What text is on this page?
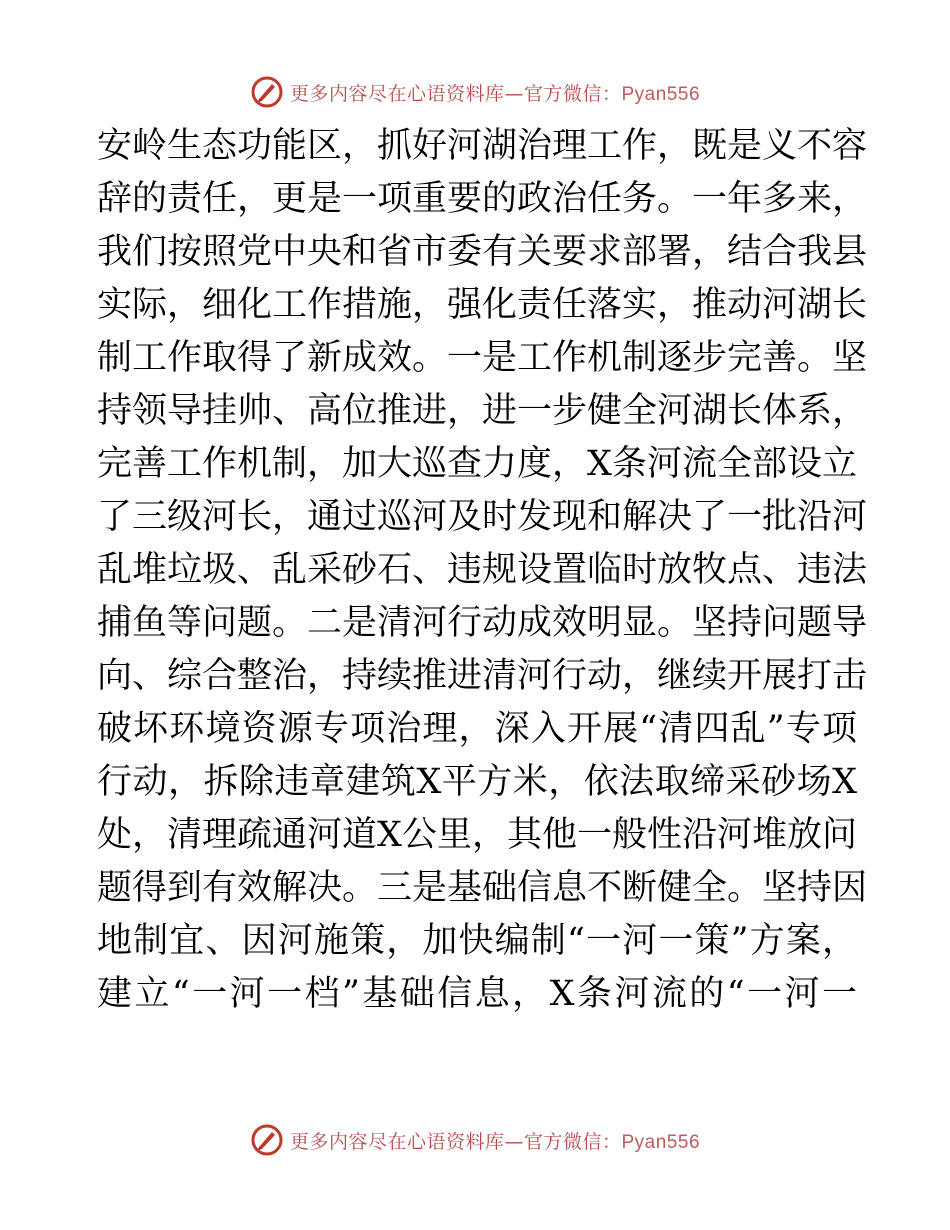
更多内容尽在心语资料库—官方微信：Pyan556
安岭生态功能区，抓好河湖治理工作，既是义不容
辞的责任，更是一项重要的政治任务。一年多来，
我们按照党中央和省市委有关要求部署，结合我县
实际，细化工作措施，强化责任落实，推动河湖长
制工作取得了新成效。一是工作机制逐步完善。坚
持领导挂帅、高位推进，进一步健全河湖长体系，
完善工作机制，加大巡查力度，X条河流全部设立
了三级河长，通过巡河及时发现和解决了一批沿河
乱堆垃圾、乱采砂石、违规设置临时放牧点、违法
捕鱼等问题。二是清河行动成效明显。坚持问题导
向、综合整治，持续推进清河行动，继续开展打击
破坏环境资源专项治理，深入开展“清四乱”专项
行动，拆除违章建筑X平方米，依法取缔采砂场X
处，清理疏通河道X公里，其他一般性沿河堆放问
题得到有效解决。三是基础信息不断健全。坚持因
地制宜、因河施策，加快编制“一河一策”方案，
建立“一河一档”基础信息，X条河流的“一河一
更多内容尽在心语资料库—官方微信：Pyan556
